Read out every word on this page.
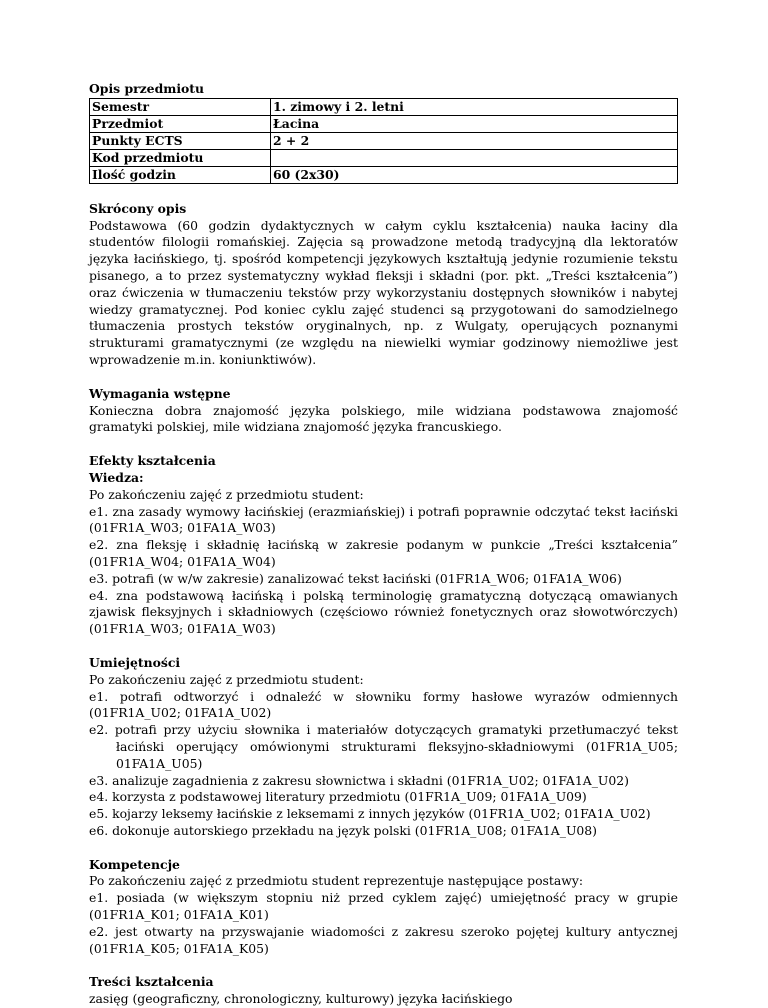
Opis przedmiotu

Semestr	1. zimowy i 2. letni
Przedmiot	Łacina
Punkty ECTS	2 + 2
Kod przedmiotu	
Ilość godzin	60 (2x30)

Skrócony opis

Podstawowa (60 godzin dydaktycznych w całym cyklu kształcenia) nauka łaciny dla studentów filologii romańskiej. Zajęcia są prowadzone metodą tradycyjną dla lektoratów języka łacińskiego, tj. spośród kompetencji językowych kształtują jedynie rozumienie tekstu pisanego, a to przez systematyczny wykład fleksji i składni (por. pkt. „Treści kształcenia”) oraz ćwiczenia w tłumaczeniu tekstów przy wykorzystaniu dostępnych słowników i nabytej wiedzy gramatycznej. Pod koniec cyklu zajęć studenci są przygotowani do samodzielnego tłumaczenia prostych tekstów oryginalnych, np. z Wulgaty, operujących poznanymi strukturami gramatycznymi (ze względu na niewielki wymiar godzinowy niemożliwe jest wprowadzenie m.in. koniunktiwów).

Wymagania wstępne

Konieczna dobra znajomość języka polskiego, mile widziana podstawowa znajomość gramatyki polskiej, mile widziana znajomość języka francuskiego.

Efekty kształcenia

Wiedza:

Po zakończeniu zajęć z przedmiotu student:

e1. zna zasady wymowy łacińskiej (erazmiańskiej) i potrafi poprawnie odczytać tekst łaciński (01FR1A_W03; 01FA1A_W03)

e2. zna fleksję i składnię łacińską w zakresie podanym w punkcie „Treści kształcenia” (01FR1A_W04; 01FA1A_W04)

e3. potrafi (w w/w zakresie) zanalizować tekst łaciński (01FR1A_W06; 01FA1A_W06)

e4. zna podstawową łacińską i polską terminologię gramatyczną dotyczącą omawianych zjawisk fleksyjnych i składniowych (częściowo również fonetycznych oraz słowotwórczych) (01FR1A_W03; 01FA1A_W03)

Umiejętności

Po zakończeniu zajęć z przedmiotu student:

e1. potrafi odtworzyć i odnaleźć w słowniku formy hasłowe wyrazów odmiennych (01FR1A_U02; 01FA1A_U02)

e2. potrafi przy użyciu słownika i materiałów dotyczących gramatyki przetłumaczyć tekst łaciński operujący omówionymi strukturami fleksyjno-składniowymi (01FR1A_U05; 01FA1A_U05)

e3. analizuje zagadnienia z zakresu słownictwa i składni (01FR1A_U02; 01FA1A_U02)

e4. korzysta z podstawowej literatury przedmiotu (01FR1A_U09; 01FA1A_U09)

e5. kojarzy leksemy łacińskie z leksemami z innych języków (01FR1A_U02; 01FA1A_U02)

e6. dokonuje autorskiego przekładu na język polski (01FR1A_U08; 01FA1A_U08)

Kompetencje

Po zakończeniu zajęć z przedmiotu student reprezentuje następujące postawy:

e1. posiada (w większym stopniu niż przed cyklem zajęć) umiejętność pracy w grupie (01FR1A_K01; 01FA1A_K01)

e2. jest otwarty na przyswajanie wiadomości z zakresu szeroko pojętej kultury antycznej (01FR1A_K05; 01FA1A_K05)

Treści kształcenia

zasięg (geograficzny, chronologiczny, kulturowy) języka łacińskiego
